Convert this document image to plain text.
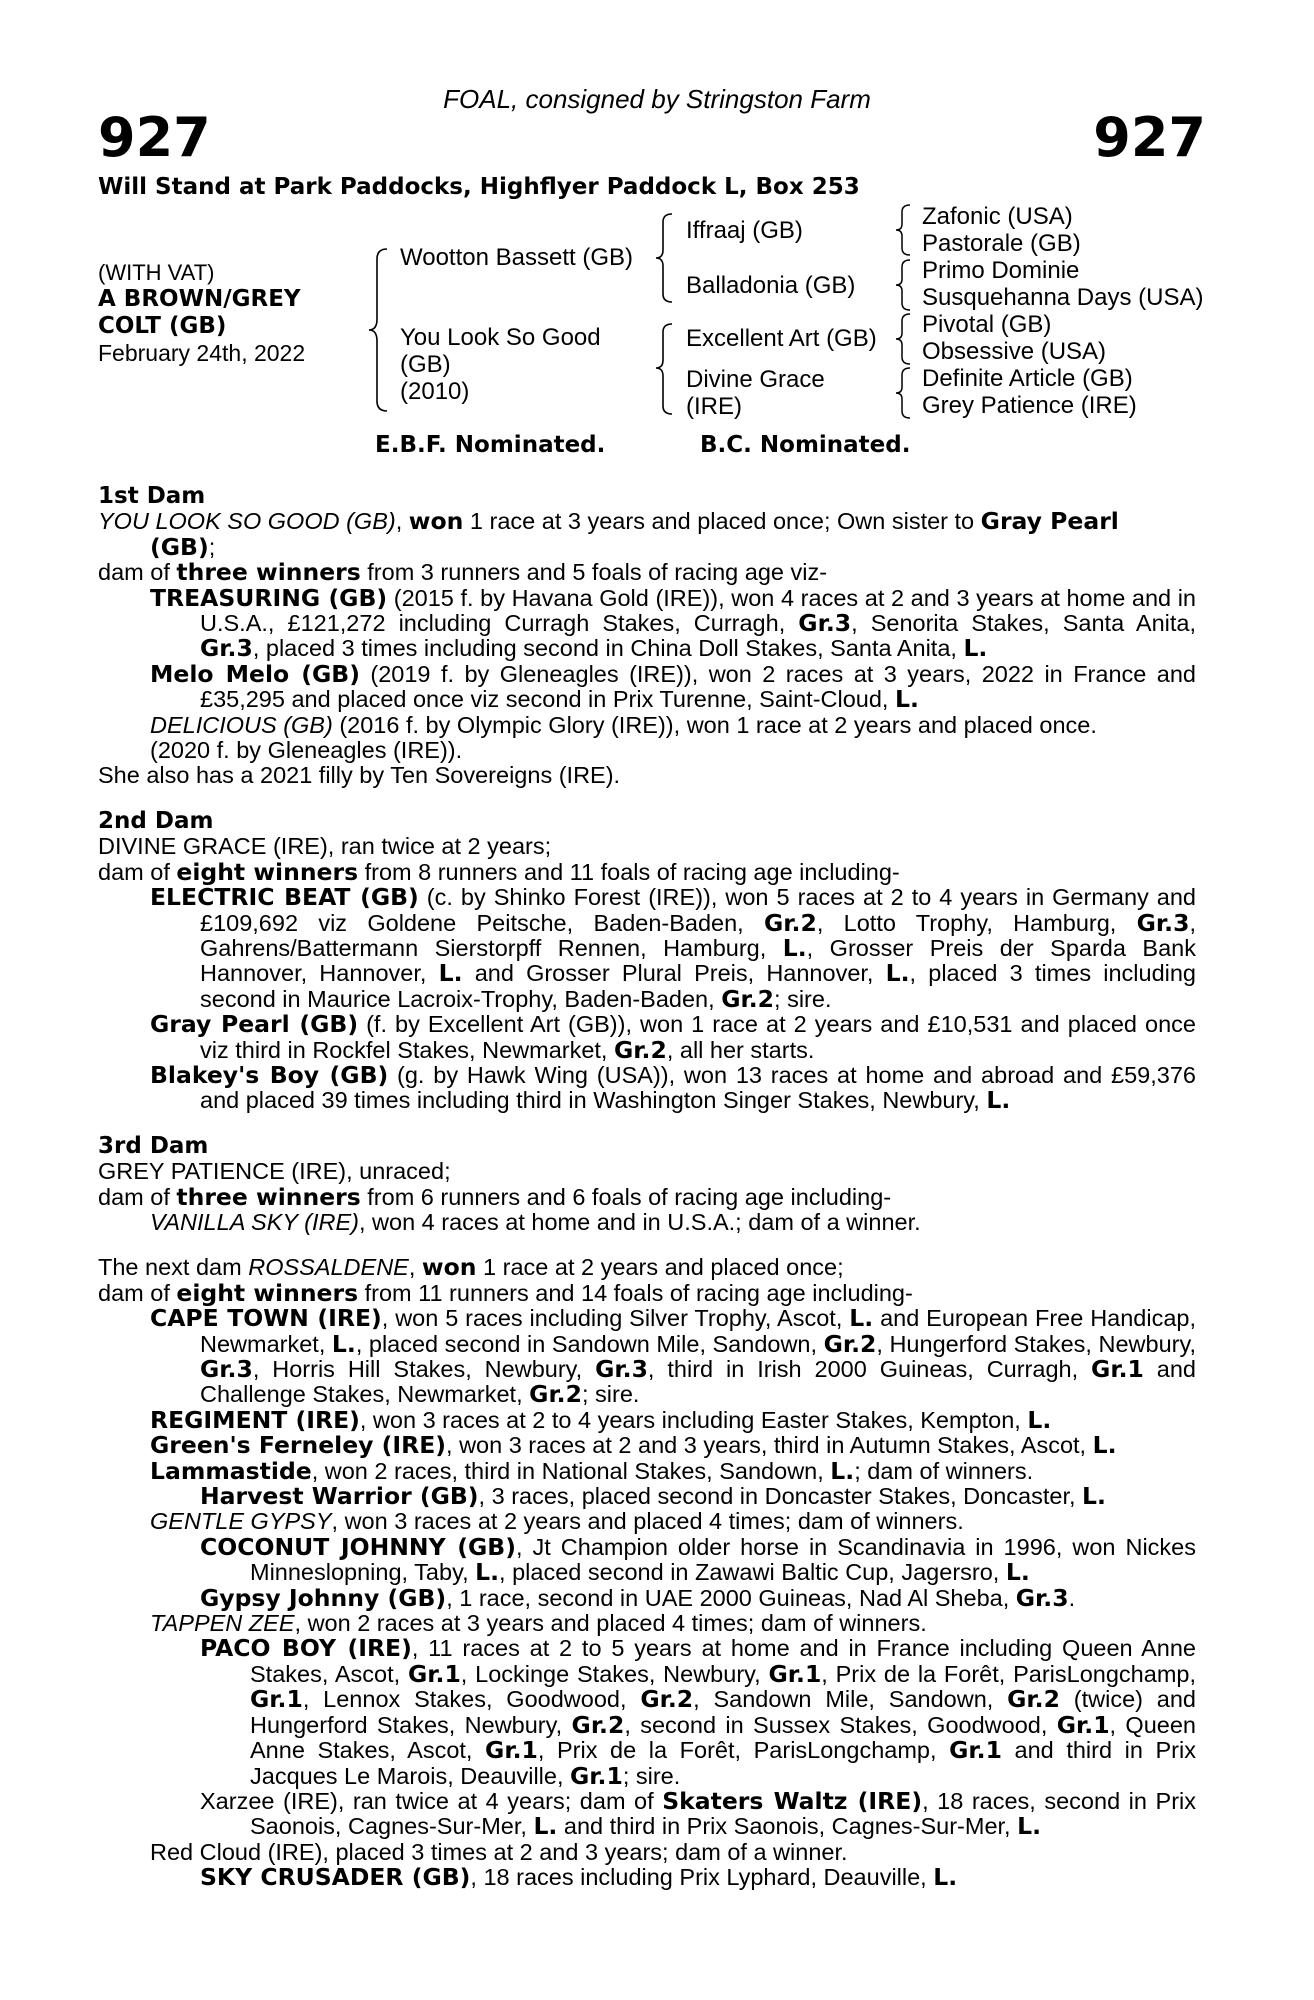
FOAL, consigned by Stringston Farm
927	927
Will Stand at Park Paddocks, Highflyer Paddock L, Box 253
(WITH VAT)
A BROWN/GREY
COLT (GB)
February 24th, 2022
Wootton Bassett (GB)
You Look So Good
(GB)
(2010)
Iffraaj (GB)
Balladonia (GB)
Excellent Art (GB)
Divine Grace
(IRE)
Zafonic (USA)
Pastorale (GB)
Primo Dominie
Susquehanna Days (USA)
Pivotal (GB)
Obsessive (USA)
Definite Article (GB)
Grey Patience (IRE)
E.B.F. Nominated.	B.C. Nominated.

1st Dam

YOU LOOK SO GOOD (GB), won 1 race at 3 years and placed once; Own sister to Gray Pearl

(GB);

dam of three winners from 3 runners and 5 foals of racing age viz-

TREASURING (GB) (2015 f. by Havana Gold (IRE)), won 4 races at 2 and 3 years at home and in U.S.A., £121,272 including Curragh Stakes, Curragh, Gr.3, Senorita Stakes, Santa Anita, Gr.3, placed 3 times including second in China Doll Stakes, Santa Anita, L.

Melo Melo (GB) (2019 f. by Gleneagles (IRE)), won 2 races at 3 years, 2022 in France and £35,295 and placed once viz second in Prix Turenne, Saint-Cloud, L.

DELICIOUS (GB) (2016 f. by Olympic Glory (IRE)), won 1 race at 2 years and placed once.

(2020 f. by Gleneagles (IRE)).

She also has a 2021 filly by Ten Sovereigns (IRE).

2nd Dam

DIVINE GRACE (IRE), ran twice at 2 years;

dam of eight winners from 8 runners and 11 foals of racing age including-

ELECTRIC BEAT (GB) (c. by Shinko Forest (IRE)), won 5 races at 2 to 4 years in Germany and £109,692 viz Goldene Peitsche, Baden-Baden, Gr.2, Lotto Trophy, Hamburg, Gr.3, Gahrens/Battermann Sierstorpff Rennen, Hamburg, L., Grosser Preis der Sparda Bank Hannover, Hannover, L. and Grosser Plural Preis, Hannover, L., placed 3 times including second in Maurice Lacroix-Trophy, Baden-Baden, Gr.2; sire.

Gray Pearl (GB) (f. by Excellent Art (GB)), won 1 race at 2 years and £10,531 and placed once viz third in Rockfel Stakes, Newmarket, Gr.2, all her starts.

Blakey's Boy (GB) (g. by Hawk Wing (USA)), won 13 races at home and abroad and £59,376 and placed 39 times including third in Washington Singer Stakes, Newbury, L.

3rd Dam

GREY PATIENCE (IRE), unraced;

dam of three winners from 6 runners and 6 foals of racing age including-

VANILLA SKY (IRE), won 4 races at home and in U.S.A.; dam of a winner.

The next dam ROSSALDENE, won 1 race at 2 years and placed once;

dam of eight winners from 11 runners and 14 foals of racing age including-

CAPE TOWN (IRE), won 5 races including Silver Trophy, Ascot, L. and European Free Handicap, Newmarket, L., placed second in Sandown Mile, Sandown, Gr.2, Hungerford Stakes, Newbury, Gr.3, Horris Hill Stakes, Newbury, Gr.3, third in Irish 2000 Guineas, Curragh, Gr.1 and Challenge Stakes, Newmarket, Gr.2; sire.

REGIMENT (IRE), won 3 races at 2 to 4 years including Easter Stakes, Kempton, L.

Green's Ferneley (IRE), won 3 races at 2 and 3 years, third in Autumn Stakes, Ascot, L.

Lammastide, won 2 races, third in National Stakes, Sandown, L.; dam of winners.

Harvest Warrior (GB), 3 races, placed second in Doncaster Stakes, Doncaster, L.

GENTLE GYPSY, won 3 races at 2 years and placed 4 times; dam of winners.

COCONUT JOHNNY (GB), Jt Champion older horse in Scandinavia in 1996, won Nickes Minneslopning, Taby, L., placed second in Zawawi Baltic Cup, Jagersro, L.

Gypsy Johnny (GB), 1 race, second in UAE 2000 Guineas, Nad Al Sheba, Gr.3.

TAPPEN ZEE, won 2 races at 3 years and placed 4 times; dam of winners.

PACO BOY (IRE), 11 races at 2 to 5 years at home and in France including Queen Anne Stakes, Ascot, Gr.1, Lockinge Stakes, Newbury, Gr.1, Prix de la Forêt, ParisLongchamp, Gr.1, Lennox Stakes, Goodwood, Gr.2, Sandown Mile, Sandown, Gr.2 (twice) and Hungerford Stakes, Newbury, Gr.2, second in Sussex Stakes, Goodwood, Gr.1, Queen Anne Stakes, Ascot, Gr.1, Prix de la Forêt, ParisLongchamp, Gr.1 and third in Prix Jacques Le Marois, Deauville, Gr.1; sire.

Xarzee (IRE), ran twice at 4 years; dam of Skaters Waltz (IRE), 18 races, second in Prix Saonois, Cagnes-Sur-Mer, L. and third in Prix Saonois, Cagnes-Sur-Mer, L.

Red Cloud (IRE), placed 3 times at 2 and 3 years; dam of a winner.

SKY CRUSADER (GB), 18 races including Prix Lyphard, Deauville, L.
